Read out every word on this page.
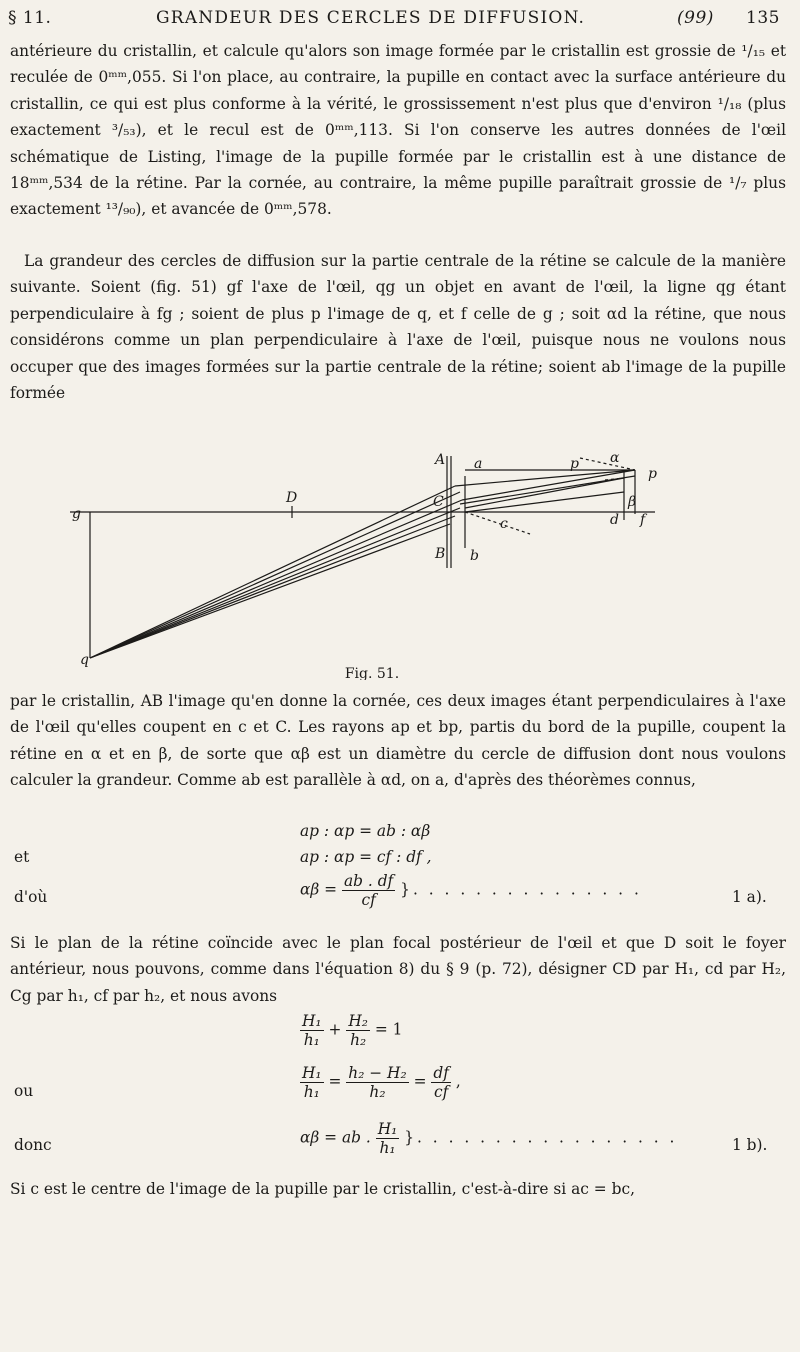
§ 11.	GRANDEUR DES CERCLES DE DIFFUSION.	(99) 135

antérieure du cristallin, et calcule qu'alors son image formée par le cristallin est grossie de ¹/₁₅ et reculée de 0ᵐᵐ,055. Si l'on place, au contraire, la pupille en contact avec la surface antérieure du cristallin, ce qui est plus conforme à la vérité, le grossissement n'est plus que d'environ ¹/₁₈ (plus exactement ³/₅₃), et le recul est de 0ᵐᵐ,113. Si l'on conserve les autres données de l'œil schématique de Listing, l'image de la pupille formée par le cristallin est à une distance de 18ᵐᵐ,534 de la rétine. Par la cornée, au contraire, la même pupille paraîtrait grossie de ¹/₇ plus exactement ¹³/₉₀), et avancée de 0ᵐᵐ,578.

La grandeur des cercles de diffusion sur la partie centrale de la rétine se calcule de la manière suivante. Soient (fig. 51) gf l'axe de l'œil, qg un objet en avant de l'œil, la ligne qg étant perpendiculaire à fg ; soient de plus p l'image de q, et f celle de g ; soit αd la rétine, que nous considérons comme un plan perpendiculaire à l'axe de l'œil, puisque nous ne voulons nous occuper que des images formées sur la partie centrale de la rétine; soient ab l'image de la pupille formée

A a	p α
p
D	C	β
g
c	d f
B b
q
Fig. 51.

par le cristallin, AB l'image qu'en donne la cornée, ces deux images étant perpendiculaires à l'axe de l'œil qu'elles coupent en c et C. Les rayons ap et bp, partis du bord de la pupille, coupent la rétine en α et en β, de sorte que αβ est un diamètre du cercle de diffusion dont nous voulons calculer la grandeur. Comme ab est parallèle à αd, on a, d'après des théorèmes connus,

ap : αp = ab : αβ
et	ap : αp = cf : df ,
d'où	$\alpha\beta = \frac{ab . df}{cf}$ }. . . . . . . . . . . . . . .	1 a).

Si le plan de la rétine coïncide avec le plan focal postérieur de l'œil et que D soit le foyer antérieur, nous pouvons, comme dans l'équation 8) du § 9 (p. 72), désigner CD par H₁, cd par H₂, Cg par h₁, cf par h₂, et nous avons

$\frac{\text{H₁}}{\text{h₁}} + \frac{\text{H₂}}{\text{h₂}} = 1$
ou	$\frac{\text{H₁}}{\text{h₁}} = \frac{\text{h₂ − H₂}}{\text{h₂}} = \frac{df}{cf}$ ,
donc	αβ = ab . $\frac{\text{H₁}}{\text{h₁}}$ }. . . . . . . . . . . . . . . . .	1 b).

Si c est le centre de l'image de la pupille par le cristallin, c'est-à-dire si ac = bc,
